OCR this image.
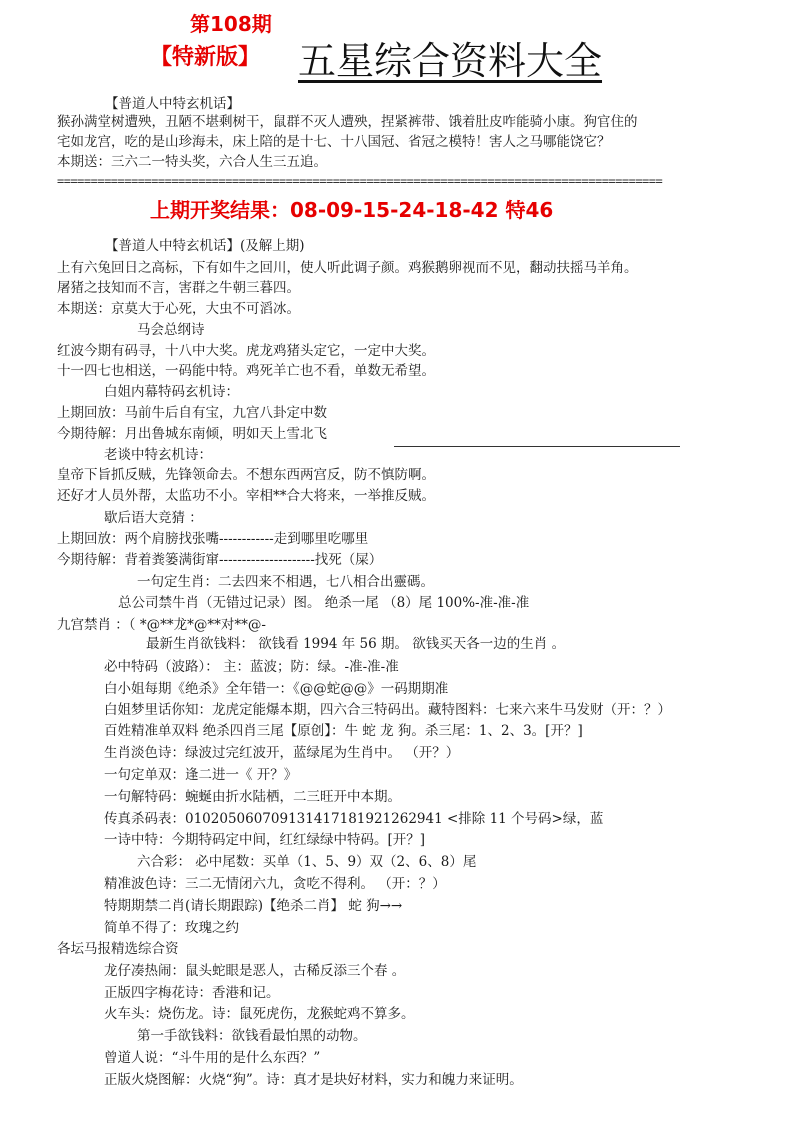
第108期
【特新版】 五星综合资料大全
==========================================================================================
上期开奖结果：08-09-15-24-18-42 特46
【普道人中特玄机话】
猴孙满堂树遭殃，丑陋不堪剩树干，鼠群不灭人遭殃，捏紧裤带、饿着肚皮咋能骑小康。狗官住的
宅如龙宫，吃的是山珍海未，床上陪的是十七、十八国冠、省冠之模特！害人之马哪能饶它？
本期送：三六二一特头奖，六合人生三五追。
【普道人中特玄机话】(及解上期)
上有六兔回日之高标，下有如牛之回川，使人听此调子颜。鸡猴鹅卵视而不见，翻动扶摇马羊角。
屠猪之技知而不言，害群之牛朝三暮四。
本期送：京莫大于心死，大虫不可滔冰。
马会总纲诗
红波今期有码寻，十八中大奖。虎龙鸡猪头定它，一定中大奖。
十一四七也相送，一码能中特。鸡死羊亡也不看，单数无希望。
白姐内幕特码玄机诗：
上期回放：马前牛后自有宝，九宫八卦定中数
今期待解：月出鲁城东南倾，明如天上雪北飞
老谈中特玄机诗：
皇帝下旨抓反贼，先锋领命去。不想东西两宫反，防不慎防啊。
还好才人员外帮，太监功不小。宰相**合大将来，一举推反贼。
歇后语大竞猜 ：
上期回放：两个肩膀找张嘴------------走到哪里吃哪里
今期待解：背着粪篓满街窜---------------------找死（屎）
一句定生肖：二去四来不相遇，七八相合出靈碼。
总公司禁牛肖（无错过记录）图。 绝杀一尾 （8）尾 100%-准-准-准
九宫禁肖 ：（ *@**龙*@**对**@-
最新生肖欲钱料： 欲钱看 1994 年 56 期。 欲钱买天各一边的生肖 。
必中特码（波路）： 主：蓝波；防：绿。-准-准-准
白小姐每期《绝杀》全年错一：《@@蛇@@》一码期期准
白姐梦里话你知：龙虎定能爆本期，四六合三特码出。藏特图料：七来六来牛马发财（开：？）
百姓精准单双料 绝杀四肖三尾【原创】：牛 蛇 龙 狗。杀三尾：1、2、3。[开？]
生肖淡色诗：绿波过完红波开，蓝绿尾为生肖中。 （开？）
一句定单双：逢二进一《 开？》
一句解特码：蜿蜒由折水陆栖，二三旺开中本期。
传真杀码表：0102050607091314171819212629​41 <排除 11 个号码>绿，蓝
一诗中特：今期特码定中间，红红绿绿中特码。[开？]
六合彩： 必中尾数：买单（1、5、9）双（2、6、8）尾
精准波色诗：三二无情闭六九，贪吃不得利。 （开：？）
特期期禁二肖(请长期跟踪)【绝杀二肖】 蛇 狗→→
简单不得了：玫瑰之约
各坛马报精选综合资
龙仔凑热闹：鼠头蛇眼是恶人，古稀反添三个春 。
正版四字梅花诗：香港和记。
火车头：烧伤龙。诗：鼠死虎伤，龙猴蛇鸡不算多。
第一手欲钱料：欲钱看最怕黑的动物。
曾道人说：“斗牛用的是什么东西？”
正版火烧图解：火烧“狗”。诗：真才是块好材料，实力和魄力来证明。
